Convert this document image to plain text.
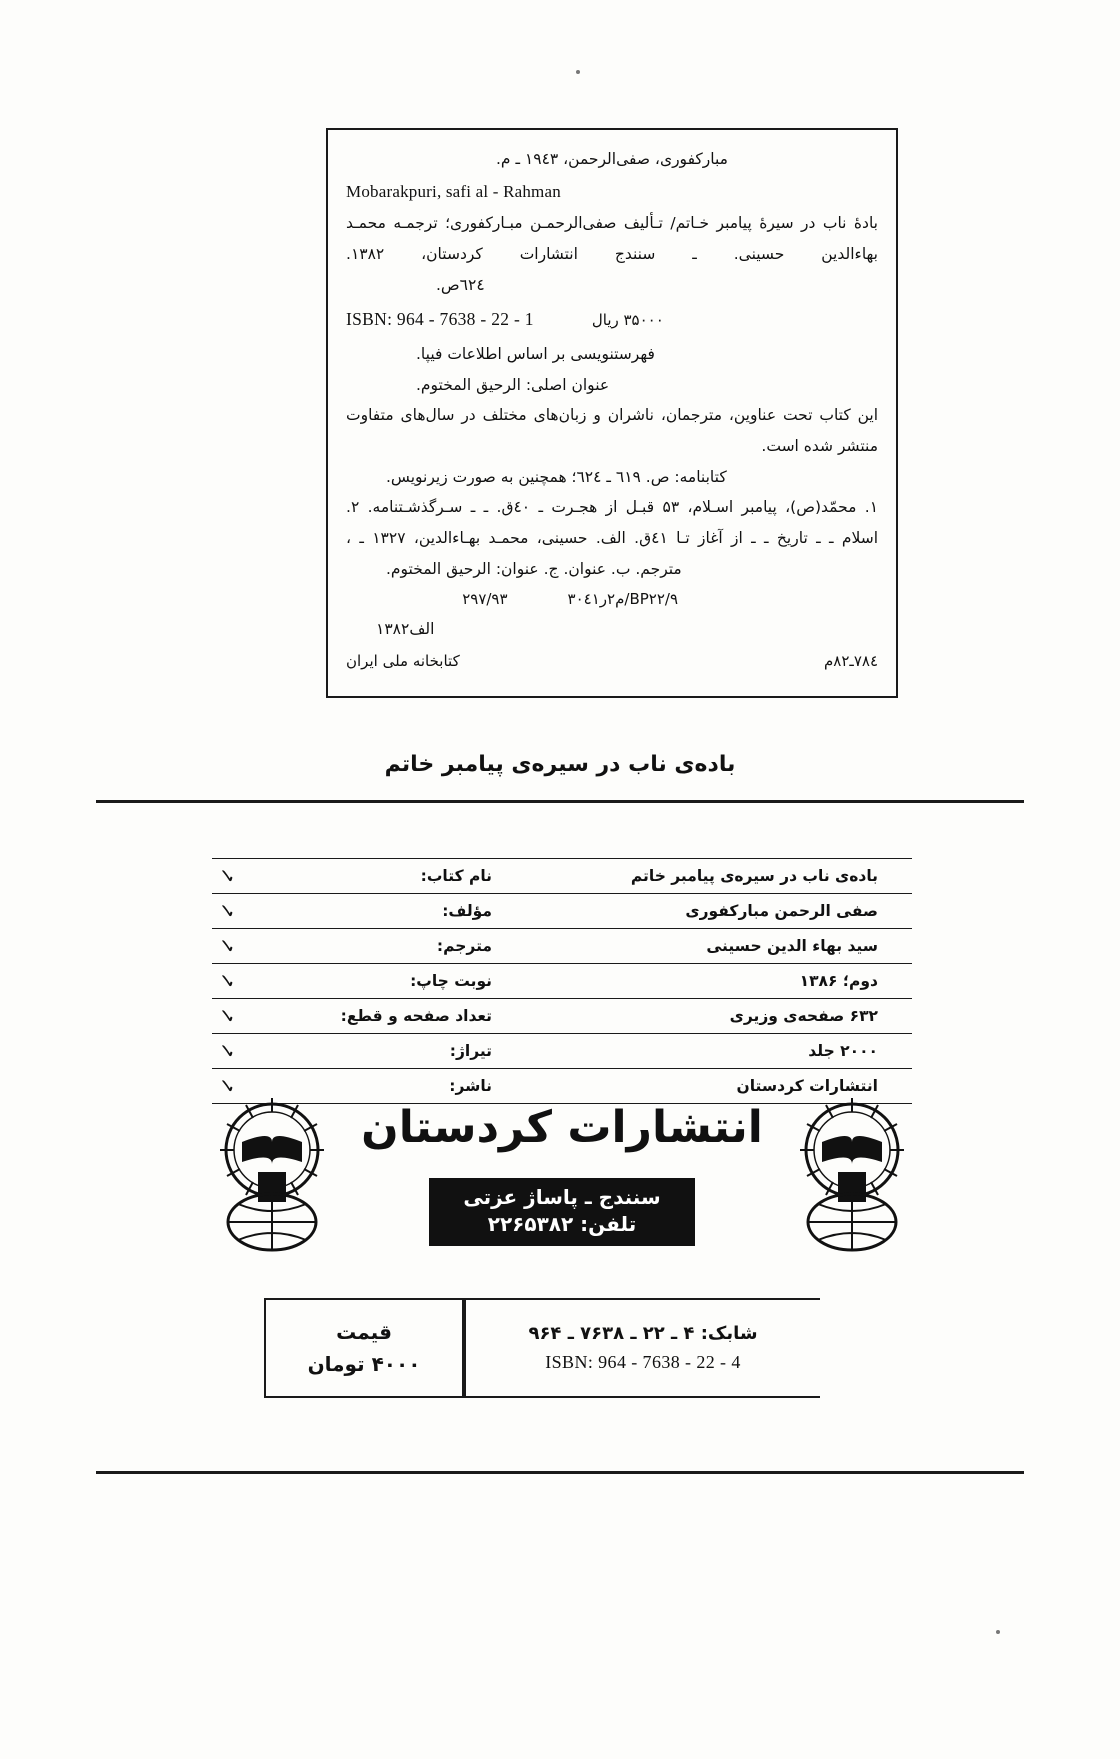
مبارکفوری، صفی‌الرحمن، ۱۹٤۳ ـ م.
Mobarakpuri, safi al - Rahman
بادهٔ ناب در سیرهٔ پیامبر خـاتم/ تـألیف صفی‌الرحمـن مبـارکفوری؛ ترجمـه محمـد
بهاءالدین حسینی. ـ سنندج انتشارات کردستان، ۱۳۸۲.
٦۲٤ص.
ISBN: 964 - 7638 - 22 - 1	۳۵۰۰۰ ریال
فهرستنویسی بر اساس اطلاعات فیپا.
عنوان اصلی: الرحیق المختوم.
این کتاب تحت عناوین، مترجمان، ناشران و زبان‌های مختلف در سال‌های متفاوت
منتشر شده است.
کتابنامه: ص. ٦۱۹ ـ ٦۲٤؛ همچنین به صورت زیرنویس.
۱. محمّد(ص)، پیامبر اسـلام، ۵۳ قبـل از هجـرت ـ ٤۰ق. ـ ـ سـرگذشـتنامه. ۲.
اسلام ـ ـ تاریخ ـ ـ از آغاز تـا ٤۱ق. الف. حسینی، محمـد بهـاءالدین، ۱۳۲۷ ـ ،
مترجم. ب. عنوان. ج. عنوان: الرحیق المختوم.
BP۲۲/۹/م۲ر۳۰٤۱
۲۹۷/۹۳
الف۱۳۸۲
۷۸٤ـ۸۲م
کتابخانه ملی ایران
باده‌ی ناب در سیره‌ی پیامبر خاتم
✓	نام کتاب:	باده‌ی ناب در سیره‌ی پیامبر خاتم
✓	مؤلف:	صفی الرحمن مبارکفوری
✓	مترجم:	سید بهاء الدین حسینی
✓	نوبت چاپ:	دوم؛ ۱۳۸۶
✓	تعداد صفحه و قطع:	۶۳۲ صفحه‌ی وزیری
✓	تیراژ:	۲۰۰۰ جلد
✓	ناشر:	انتشارات کردستان
انتشارات کردستان
سنندج ـ پاساژ عزتی
تلفن: ۲۲۶۵۳۸۲
قیمت
۴۰۰۰ تومان
شابک: ۴ ـ ۲۲ ـ ۷۶۳۸ ـ ۹۶۴
ISBN: 964 - 7638 - 22 - 4
